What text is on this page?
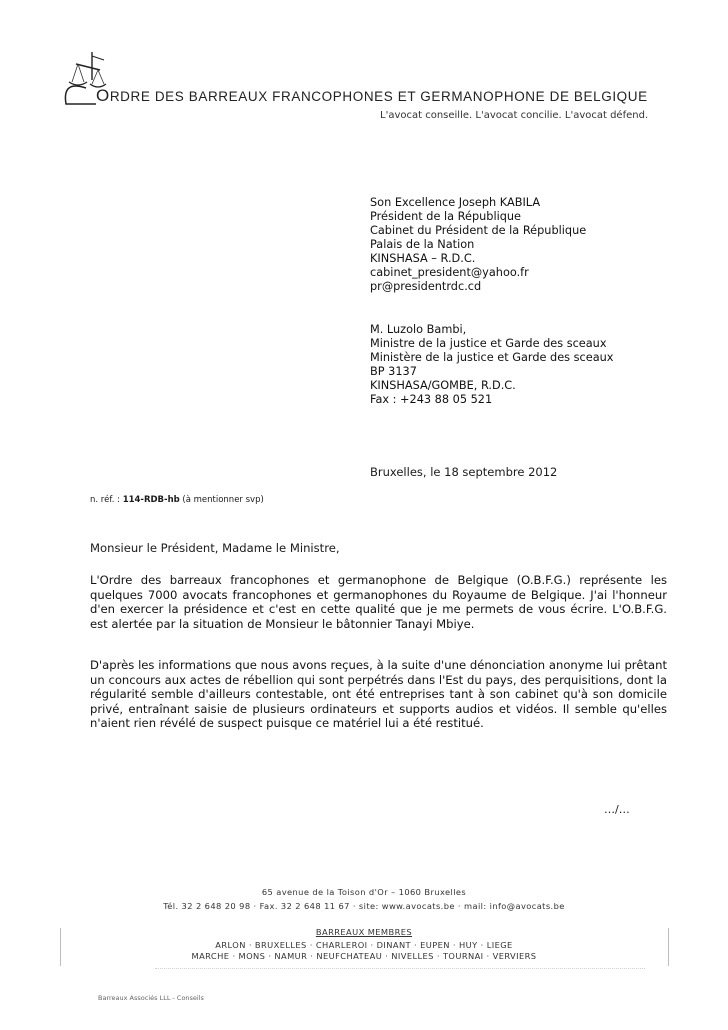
ORDRE DES BARREAUX FRANCOPHONES ET GERMANOPHONE DE BELGIQUE
L'avocat conseille. L'avocat concilie. L'avocat défend.
Son Excellence Joseph KABILA
Président de la République
Cabinet du Président de la République
Palais de la Nation
KINSHASA – R.D.C.
cabinet_president@yahoo.fr
pr@presidentrdc.cd
M. Luzolo Bambi,
Ministre de la justice et Garde des sceaux
Ministère de la justice et Garde des sceaux
BP 3137
KINSHASA/GOMBE, R.D.C.
Fax : +243 88 05 521
Bruxelles, le 18 septembre 2012
n. réf. : 114-RDB-hb (à mentionner svp)
Monsieur le Président, Madame le Ministre,
L'Ordre des barreaux francophones et germanophone de Belgique (O.B.F.G.) représente les quelques 7000 avocats francophones et germanophones du Royaume de Belgique. J'ai l'honneur d'en exercer la présidence et c'est en cette qualité que je me permets de vous écrire. L'O.B.F.G. est alertée par la situation de Monsieur le bâtonnier Tanayi Mbiye.
D'après les informations que nous avons reçues, à la suite d'une dénonciation anonyme lui prêtant un concours aux actes de rébellion qui sont perpétrés dans l'Est du pays, des perquisitions, dont la régularité semble d'ailleurs contestable, ont été entreprises tant à son cabinet qu'à son domicile privé, entraînant saisie de plusieurs ordinateurs et supports audios et vidéos. Il semble qu'elles n'aient rien révélé de suspect puisque ce matériel lui a été restitué.
…/…
65 avenue de la Toison d'Or – 1060 Bruxelles
Tél. 32 2 648 20 98 · Fax. 32 2 648 11 67 · site: www.avocats.be · mail: info@avocats.be
BARREAUX MEMBRES
ARLON · BRUXELLES · CHARLEROI · DINANT · EUPEN · HUY · LIEGE
MARCHE · MONS · NAMUR · NEUFCHATEAU · NIVELLES · TOURNAI · VERVIERS
Barreaux Associés LLL - Conseils
